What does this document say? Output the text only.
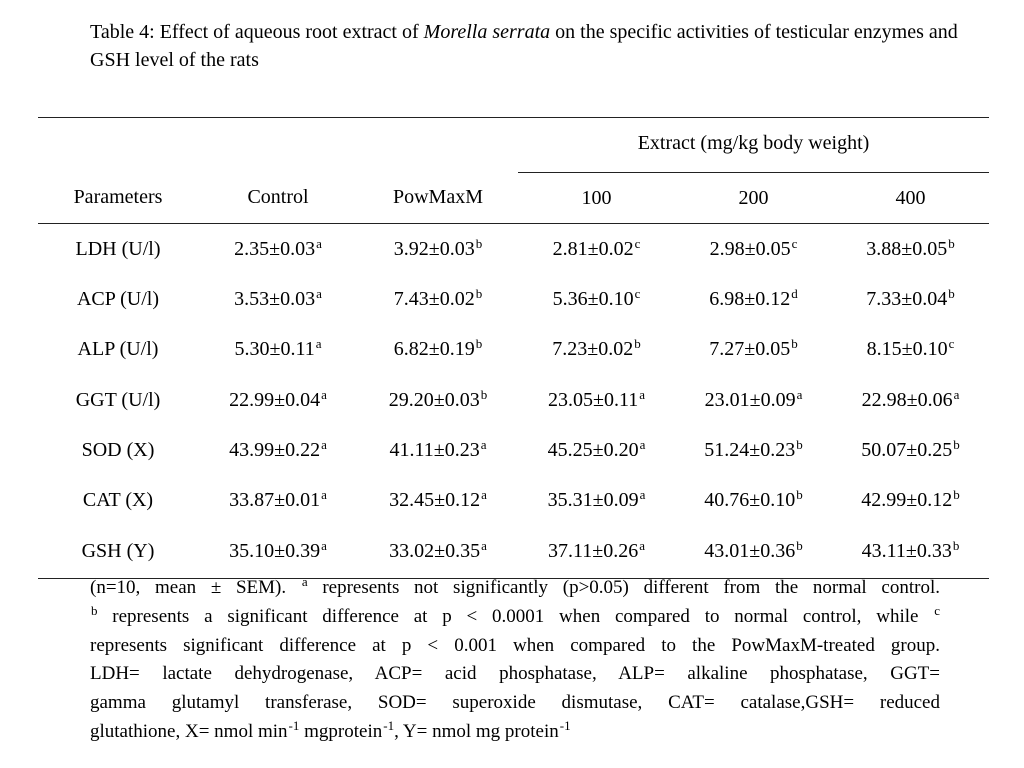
Table 4: Effect of aqueous root extract of Morella serrata on the specific activities of testicular enzymes and GSH level of the rats
			Extract (mg/kg body weight)		
Parameters	Control	PowMaxM	100	200	400
LDH (U/l)	2.35±0.03$^a$	3.92±0.03$^b$	2.81±0.02$^c$	2.98±0.05$^c$	3.88±0.05$^b$
ACP (U/l)	3.53±0.03$^a$	7.43±0.02$^b$	5.36±0.10$^c$	6.98±0.12$^d$	7.33±0.04$^b$
ALP (U/l)	5.30±0.11$^a$	6.82±0.19$^b$	7.23±0.02$^b$	7.27±0.05$^b$	8.15±0.10$^c$
GGT (U/l)	22.99±0.04$^a$	29.20±0.03$^b$	23.05±0.11$^a$	23.01±0.09$^a$	22.98±0.06$^a$
SOD (X)	43.99±0.22$^a$	41.11±0.23$^a$	45.25±0.20$^a$	51.24±0.23$^b$	50.07±0.25$^b$
CAT (X)	33.87±0.01$^a$	32.45±0.12$^a$	35.31±0.09$^a$	40.76±0.10$^b$	42.99±0.12$^b$
GSH (Y)	35.10±0.39$^a$	33.02±0.35$^a$	37.11±0.26$^a$	43.01±0.36$^b$	43.11±0.33$^b$
(n=10, mean ± SEM). $^a$ represents not significantly (p>0.05) different from the normal control.
$^b$ represents a significant difference at p < 0.0001 when compared to normal control, while $^c$
represents significant difference at p < 0.001 when compared to the PowMaxM-treated group.
LDH= lactate dehydrogenase, ACP= acid phosphatase, ALP= alkaline phosphatase, GGT=
gamma glutamyl transferase, SOD= superoxide dismutase, CAT= catalase,GSH= reduced
glutathione, X= nmol $\min^{-1}$ mgprotein$^{-1}$, Y= nmol mg protein$^{-1}$
